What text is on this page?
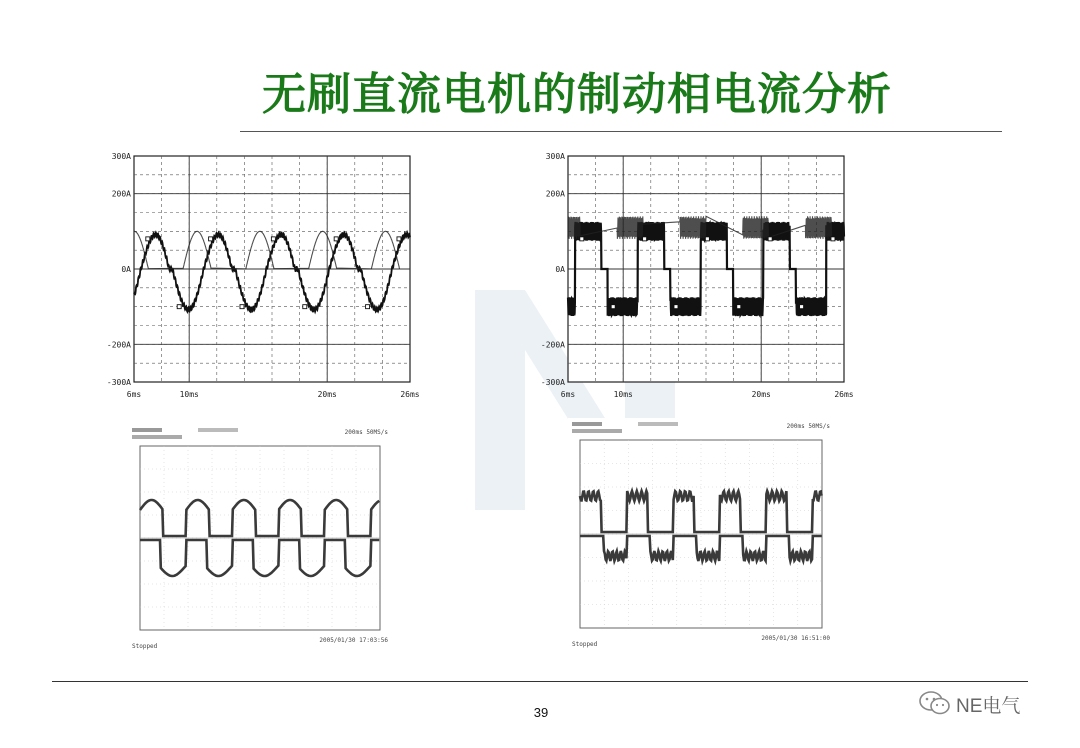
无刷直流电机的制动相电流分析
300A
200A
0A
-200A
-300A
6ms	10ms	20ms	26ms
300A
200A
0A
-200A
-300A
6ms	10ms	20ms	26ms
200ms 50MS/s
Stopped
2005/01/30 17:03:56
200ms 50MS/s
Stopped
2005/01/30 16:51:00
39	NE电气
